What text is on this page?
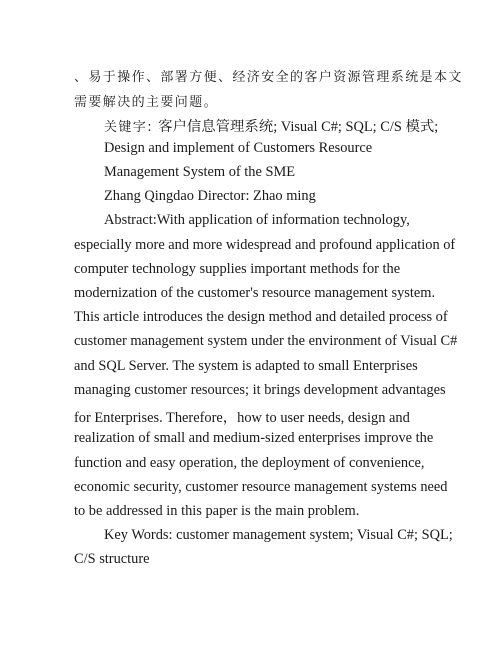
、易于操作、部署方便、经济安全的客户资源管理系统是本文
需要解决的主要问题。
关键字: 客户信息管理系统; Visual C#; SQL; C/S 模式;
Design and implement of Customers Resource
Management System of the SME
Zhang Qingdao Director: Zhao ming
Abstract:With application of information technology,
especially more and more widespread and profound application of
computer technology supplies important methods for the
modernization of the customer's resource management system.
This article introduces the design method and detailed process of
customer management system under the environment of Visual C#
and SQL Server. The system is adapted to small Enterprises
managing customer resources; it brings development advantages
for Enterprises. Therefore，how to user needs, design and
realization of small and medium-sized enterprises improve the
function and easy operation, the deployment of convenience,
economic security, customer resource management systems need
to be addressed in this paper is the main problem.
Key Words: customer management system; Visual C#; SQL;
C/S structure
